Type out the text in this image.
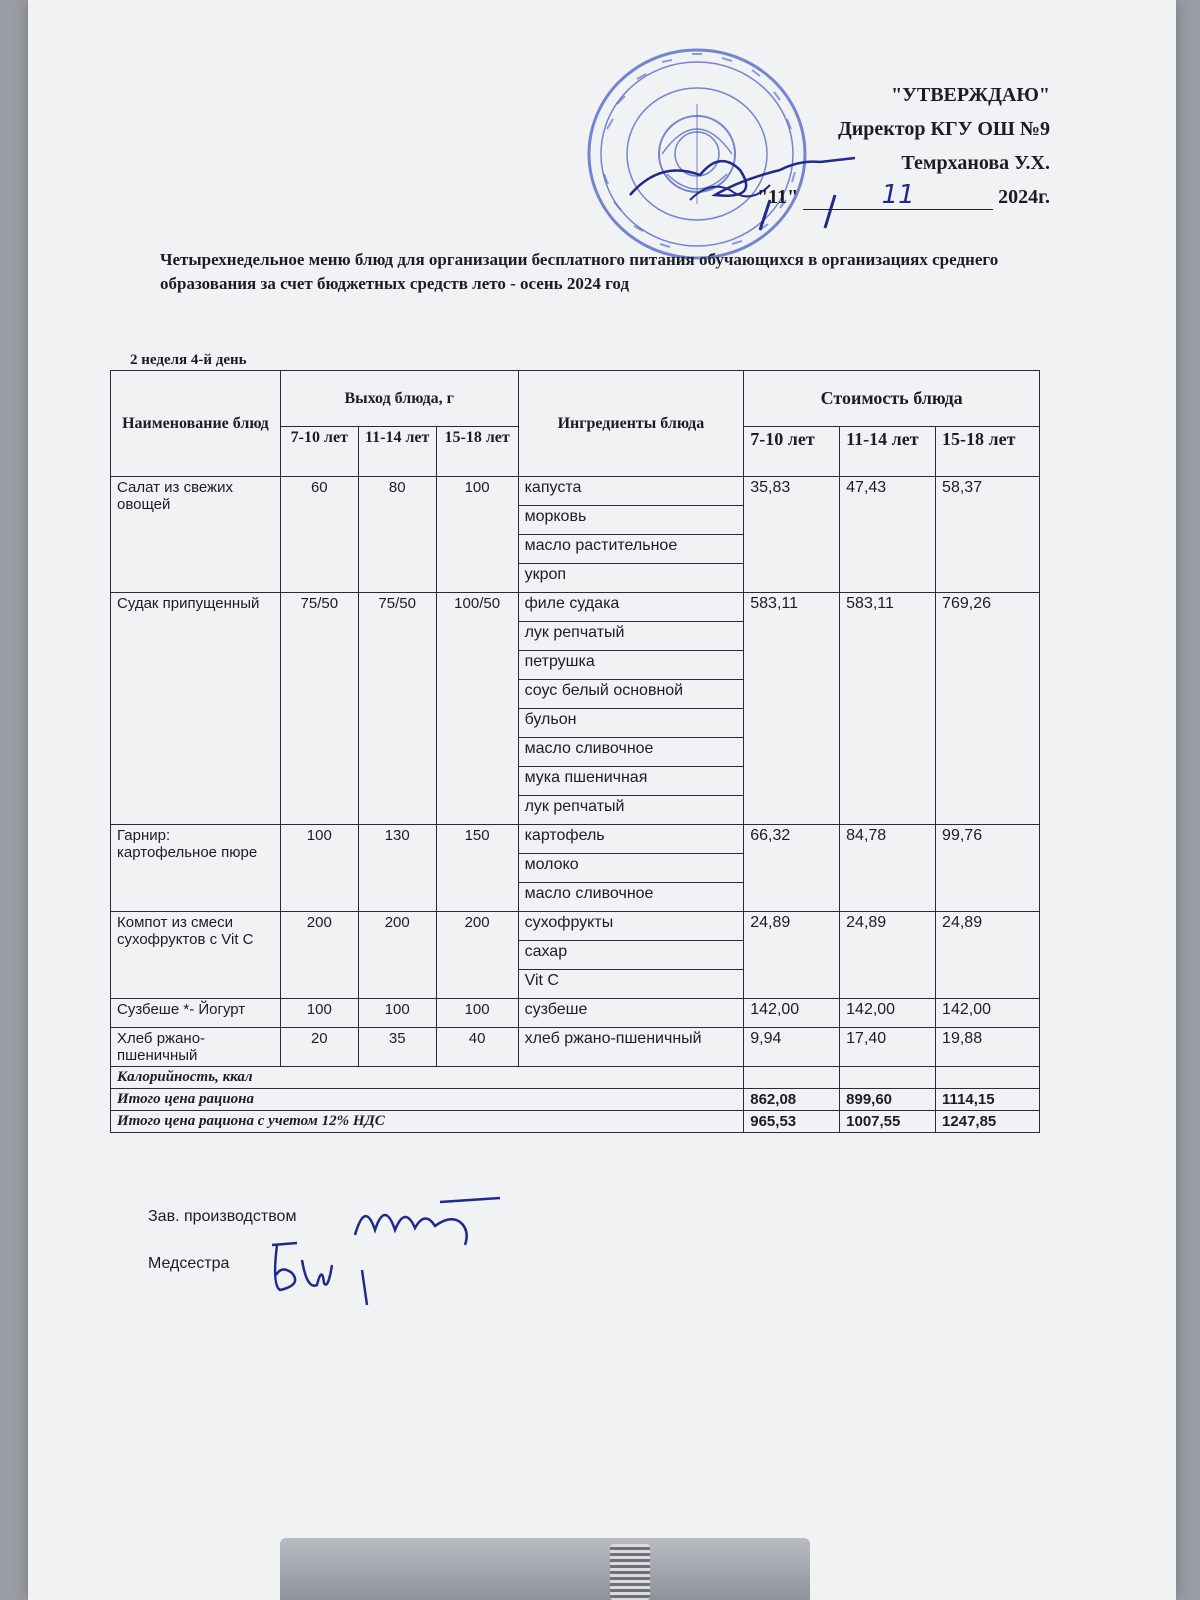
"УТВЕРЖДАЮ"
Директор КГУ ОШ №9
Темрханова У.Х.
"11"	11	2024г.
Четырехнедельное меню блюд для организации бесплатного питания обучающихся в организациях среднего образования за счет бюджетных средств лето - осень 2024 год
2 неделя 4-й день
Наименование блюд	Выход блюда, г			Ингредиенты блюда	Стоимость блюда		
	7-10 лет	11-14 лет	15-18 лет		7-10 лет	11-14 лет	15-18 лет
Салат из свежих овощей	60	80	100	капуста	35,83	47,43	58,37
				морковь			
				масло растительное			
				укроп			
Судак припущенный	75/50	75/50	100/50	филе судака	583,11	583,11	769,26
				лук репчатый			
				петрушка			
				соус белый основной			
				бульон			
				масло сливочное			
				мука пшеничная			
				лук репчатый			
Гарнир: картофельное пюре	100	130	150	картофель	66,32	84,78	99,76
				молоко			
				масло сливочное			
Компот из смеси сухофруктов с Vit C	200	200	200	сухофрукты	24,89	24,89	24,89
				сахар			
				Vit C			
Сузбеше *- Йогурт	100	100	100	сузбеше	142,00	142,00	142,00
Хлеб ржано-пшеничный	20	35	40	хлеб ржано-пшеничный	9,94	17,40	19,88
Калорийность, ккал							
Итого цена рациона					862,08	899,60	1114,15
Итого цена рациона с учетом 12% НДС					965,53	1007,55	1247,85
Зав. производством
Медсестра
